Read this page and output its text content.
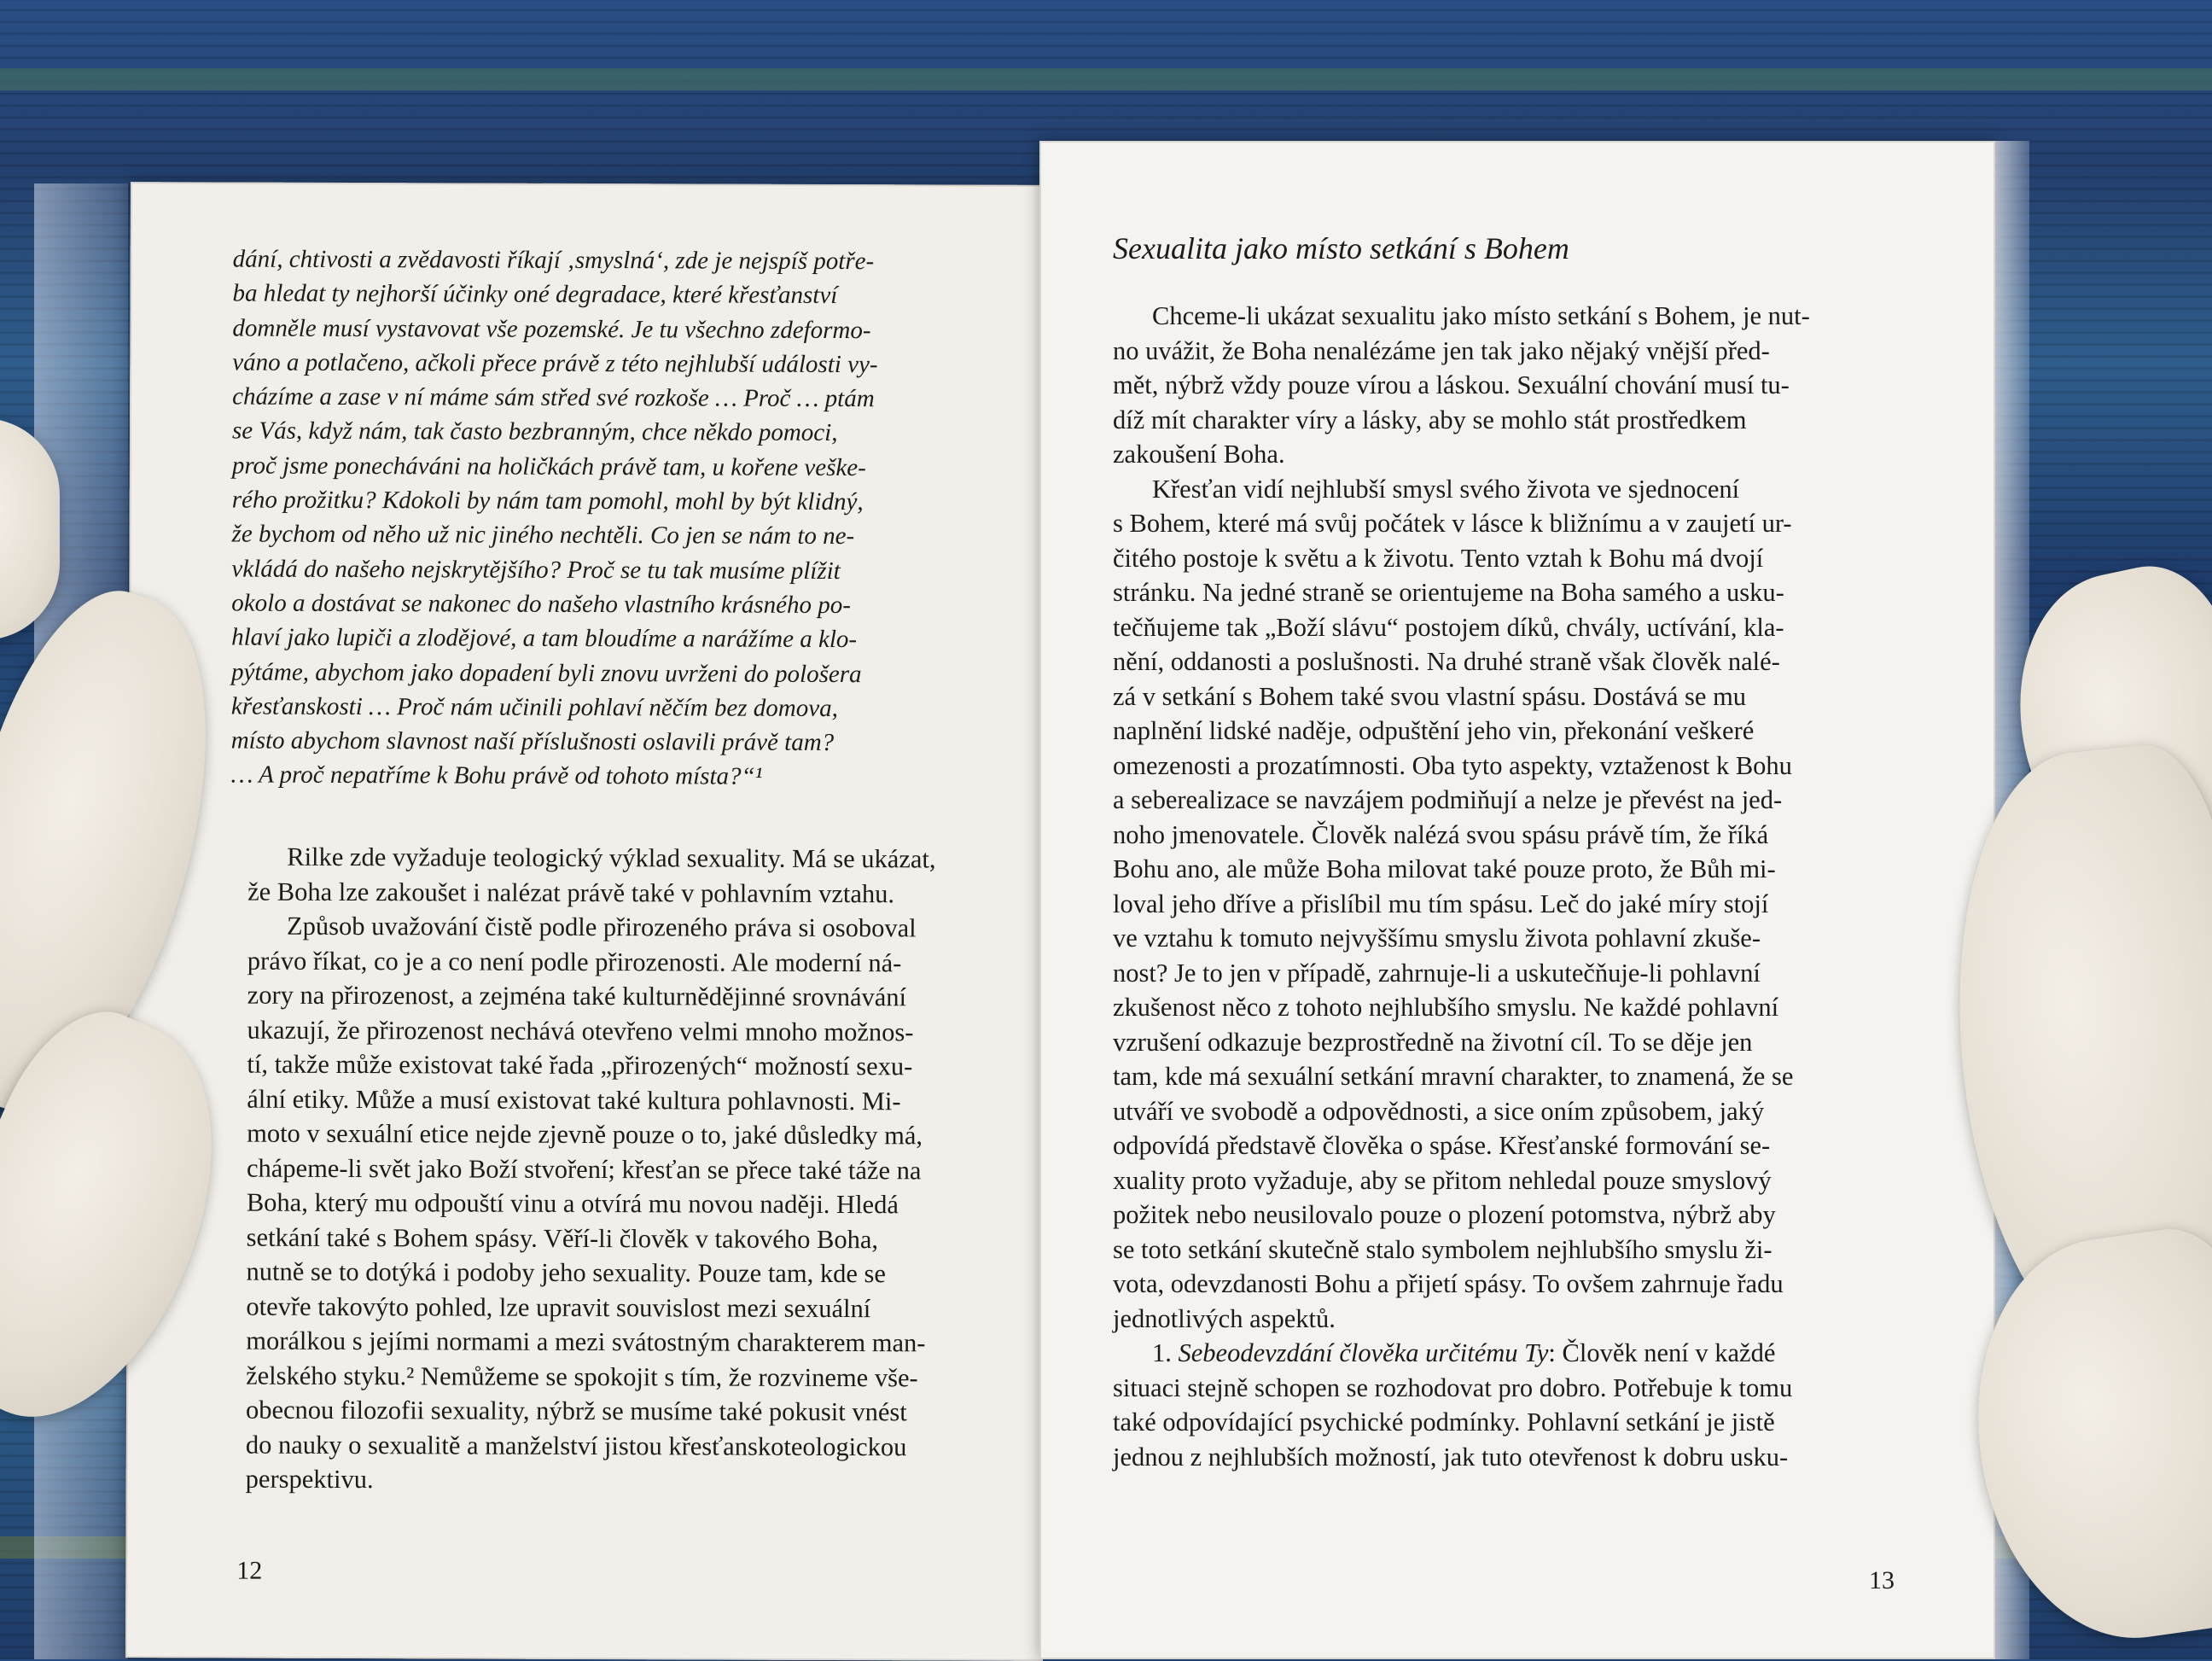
dání, chtivosti a zvědavosti říkají ‚smyslná‘, zde je nejspíš potře-

ba hledat ty nejhorší účinky oné degradace, které křesťanství

domněle musí vystavovat vše pozemské. Je tu všechno zdeformo-

váno a potlačeno, ačkoli přece právě z této nejhlubší události vy-

cházíme a zase v ní máme sám střed své rozkoše … Proč … ptám

se Vás, když nám, tak často bezbranným, chce někdo pomoci,

proč jsme ponecháváni na holičkách právě tam, u kořene veške-

rého prožitku? Kdokoli by nám tam pomohl, mohl by být klidný,

že bychom od něho už nic jiného nechtěli. Co jen se nám to ne-

vkládá do našeho nejskrytějšího? Proč se tu tak musíme plížit

okolo a dostávat se nakonec do našeho vlastního krásného po-

hlaví jako lupiči a zlodějové, a tam bloudíme a narážíme a klo-

pýtáme, abychom jako dopadení byli znovu uvrženi do pološera

křesťanskosti … Proč nám učinili pohlaví něčím bez domova,

místo abychom slavnost naší příslušnosti oslavili právě tam?

… A proč nepatříme k Bohu právě od tohoto místa?“¹

Rilke zde vyžaduje teologický výklad sexuality. Má se ukázat,

že Boha lze zakoušet i nalézat právě také v pohlavním vztahu.

Způsob uvažování čistě podle přirozeného práva si osoboval

právo říkat, co je a co není podle přirozenosti. Ale moderní ná-

zory na přirozenost, a zejména také kulturnědějinné srovnávání

ukazují, že přirozenost nechává otevřeno velmi mnoho možnos-

tí, takže může existovat také řada „přirozených“ možností sexu-

ální etiky. Může a musí existovat také kultura pohlavnosti. Mi-

moto v sexuální etice nejde zjevně pouze o to, jaké důsledky má,

chápeme-li svět jako Boží stvoření; křesťan se přece také táže na

Boha, který mu odpouští vinu a otvírá mu novou naději. Hledá

setkání také s Bohem spásy. Věří-li člověk v takového Boha,

nutně se to dotýká i podoby jeho sexuality. Pouze tam, kde se

otevře takovýto pohled, lze upravit souvislost mezi sexuální

morálkou s jejími normami a mezi svátostným charakterem man-

želského styku.² Nemůžeme se spokojit s tím, že rozvineme vše-

obecnou filozofii sexuality, nýbrž se musíme také pokusit vnést

do nauky o sexualitě a manželství jistou křesťanskoteologickou

perspektivu.

12
Sexualita jako místo setkání s Bohem

Chceme-li ukázat sexualitu jako místo setkání s Bohem, je nut-

no uvážit, že Boha nenalézáme jen tak jako nějaký vnější před-

mět, nýbrž vždy pouze vírou a láskou. Sexuální chování musí tu-

díž mít charakter víry a lásky, aby se mohlo stát prostředkem

zakoušení Boha.

Křesťan vidí nejhlubší smysl svého života ve sjednocení

s Bohem, které má svůj počátek v lásce k bližnímu a v zaujetí ur-

čitého postoje k světu a k životu. Tento vztah k Bohu má dvojí

stránku. Na jedné straně se orientujeme na Boha samého a usku-

tečňujeme tak „Boží slávu“ postojem díků, chvály, uctívání, kla-

nění, oddanosti a poslušnosti. Na druhé straně však člověk nalé-

zá v setkání s Bohem také svou vlastní spásu. Dostává se mu

naplnění lidské naděje, odpuštění jeho vin, překonání veškeré

omezenosti a prozatímnosti. Oba tyto aspekty, vztaženost k Bohu

a seberealizace se navzájem podmiňují a nelze je převést na jed-

noho jmenovatele. Člověk nalézá svou spásu právě tím, že říká

Bohu ano, ale může Boha milovat také pouze proto, že Bůh mi-

loval jeho dříve a přislíbil mu tím spásu. Leč do jaké míry stojí

ve vztahu k tomuto nejvyššímu smyslu života pohlavní zkuše-

nost? Je to jen v případě, zahrnuje-li a uskutečňuje-li pohlavní

zkušenost něco z tohoto nejhlubšího smyslu. Ne každé pohlavní

vzrušení odkazuje bezprostředně na životní cíl. To se děje jen

tam, kde má sexuální setkání mravní charakter, to znamená, že se

utváří ve svobodě a odpovědnosti, a sice oním způsobem, jaký

odpovídá představě člověka o spáse. Křesťanské formování se-

xuality proto vyžaduje, aby se přitom nehledal pouze smyslový

požitek nebo neusilovalo pouze o plození potomstva, nýbrž aby

se toto setkání skutečně stalo symbolem nejhlubšího smyslu ži-

vota, odevzdanosti Bohu a přijetí spásy. To ovšem zahrnuje řadu

jednotlivých aspektů.

1. Sebeodevzdání člověka určitému Ty: Člověk není v každé

situaci stejně schopen se rozhodovat pro dobro. Potřebuje k tomu

také odpovídající psychické podmínky. Pohlavní setkání je jistě

jednou z nejhlubších možností, jak tuto otevřenost k dobru usku-

13
